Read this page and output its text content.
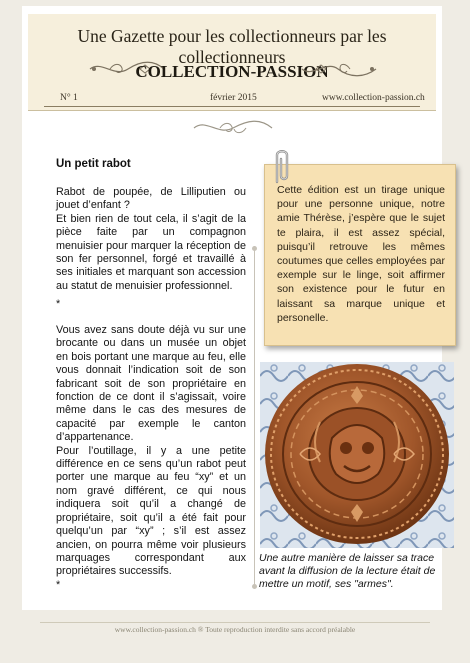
Une Gazette pour les collectionneurs par les collectionneurs
COLLECTION-PASSION
N° 1	février 2015	www.collection-passion.ch
Un petit rabot

Rabot de poupée, de Lilliputien ou jouet d’enfant ?

Et bien rien de tout cela, il s’agit de la pièce faite par un compagnon menuisier pour marquer la réception de son fer personnel, forgé et travaillé à ses initiales et marquant son accession au statut de menuisier professionnel.

*

Vous avez sans doute déjà vu sur une brocante ou dans un musée un objet en bois portant une marque au feu, elle vous donnait l’indication soit de son fabricant soit de son propriétaire en fonction de ce dont il s’agissait, voire même dans le cas des mesures de capacité par exemple le canton d’appartenance.

Pour l’outillage, il y a une petite différence en ce sens qu’un rabot peut porter une marque au feu “xy” et un nom gravé différent, ce qui nous indiquera soit qu’il a changé de propriétaire, soit qu’il a été fait pour quelqu’un par “xy” ; s’il est assez ancien, on pourra même voir plusieurs marquages correspondant aux propriétaires successifs.

*

Cette édition est un tirage unique pour une personne unique, notre amie Thérèse, j’espère que le sujet te plaira, il est assez spécial, puisqu’il retrouve les mêmes coutumes que celles employées par exemple sur le linge, soit affirmer son existence pour le futur en laissant sa marque unique et personelle.
Une autre manière de laisser sa trace avant la diffusion de la lecture était de mettre un motif, ses "armes".
www.collection-passion.ch ® Toute reproduction interdite sans accord préalable
